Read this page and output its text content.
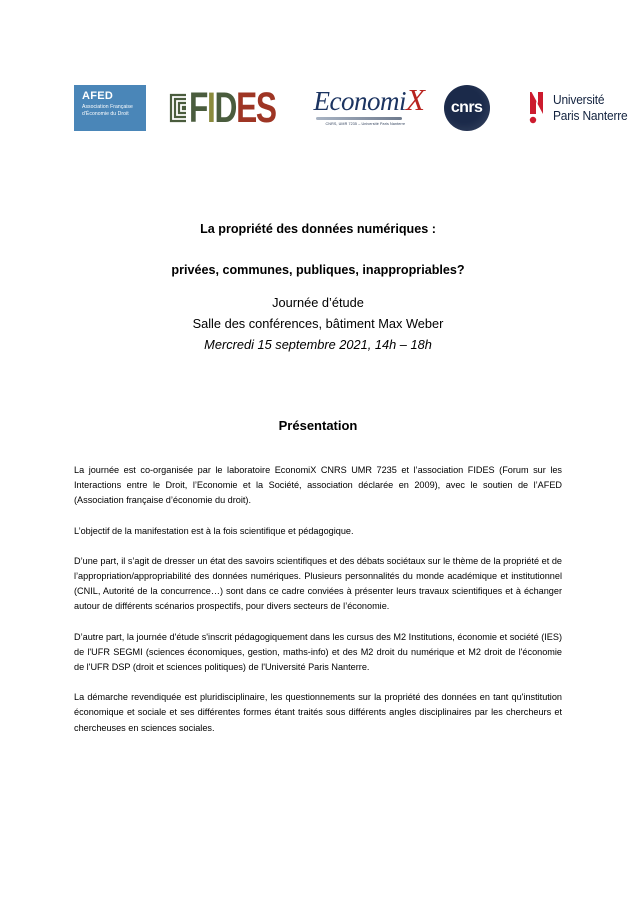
AFED
Association Française
d'Économie du Droit	FIDES EconomiX
CNRS, UMR 7235 – Université Paris Nanterre
cnrs	Université
Paris Nanterre
La propriété des données numériques :
privées, communes, publiques, inappropriables?
Journée d’étude
Salle des conférences, bâtiment Max Weber
Mercredi 15 septembre 2021, 14h – 18h
Présentation

La journée est co-organisée par le laboratoire EconomiX CNRS UMR 7235 et l’association FIDES (Forum sur les Interactions entre le Droit, l’Economie et la Société, association déclarée en 2009), avec le soutien de l’AFED (Association française d’économie du droit).

L’objectif de la manifestation est à la fois scientifique et pédagogique.

D’une part, il s’agit de dresser un état des savoirs scientifiques et des débats sociétaux sur le thème de la propriété et de l’appropriation/appropriabilité des données numériques. Plusieurs personnalités du monde académique et institutionnel (CNIL, Autorité de la concurrence…) sont dans ce cadre conviées à présenter leurs travaux scientifiques et à échanger autour de différents scénarios prospectifs, pour divers secteurs de l’économie.

D’autre part, la journée d'étude s'inscrit pédagogiquement dans les cursus des M2 Institutions, économie et société (IES) de l'UFR SEGMI (sciences économiques, gestion, maths-info) et des M2 droit du numérique et M2 droit de l'économie de l'UFR DSP (droit et sciences politiques) de l'Université Paris Nanterre.

La démarche revendiquée est pluridisciplinaire, les questionnements sur la propriété des données en tant qu'institution économique et sociale et ses différentes formes étant traités sous différents angles disciplinaires par les chercheurs et chercheuses en sciences sociales.
